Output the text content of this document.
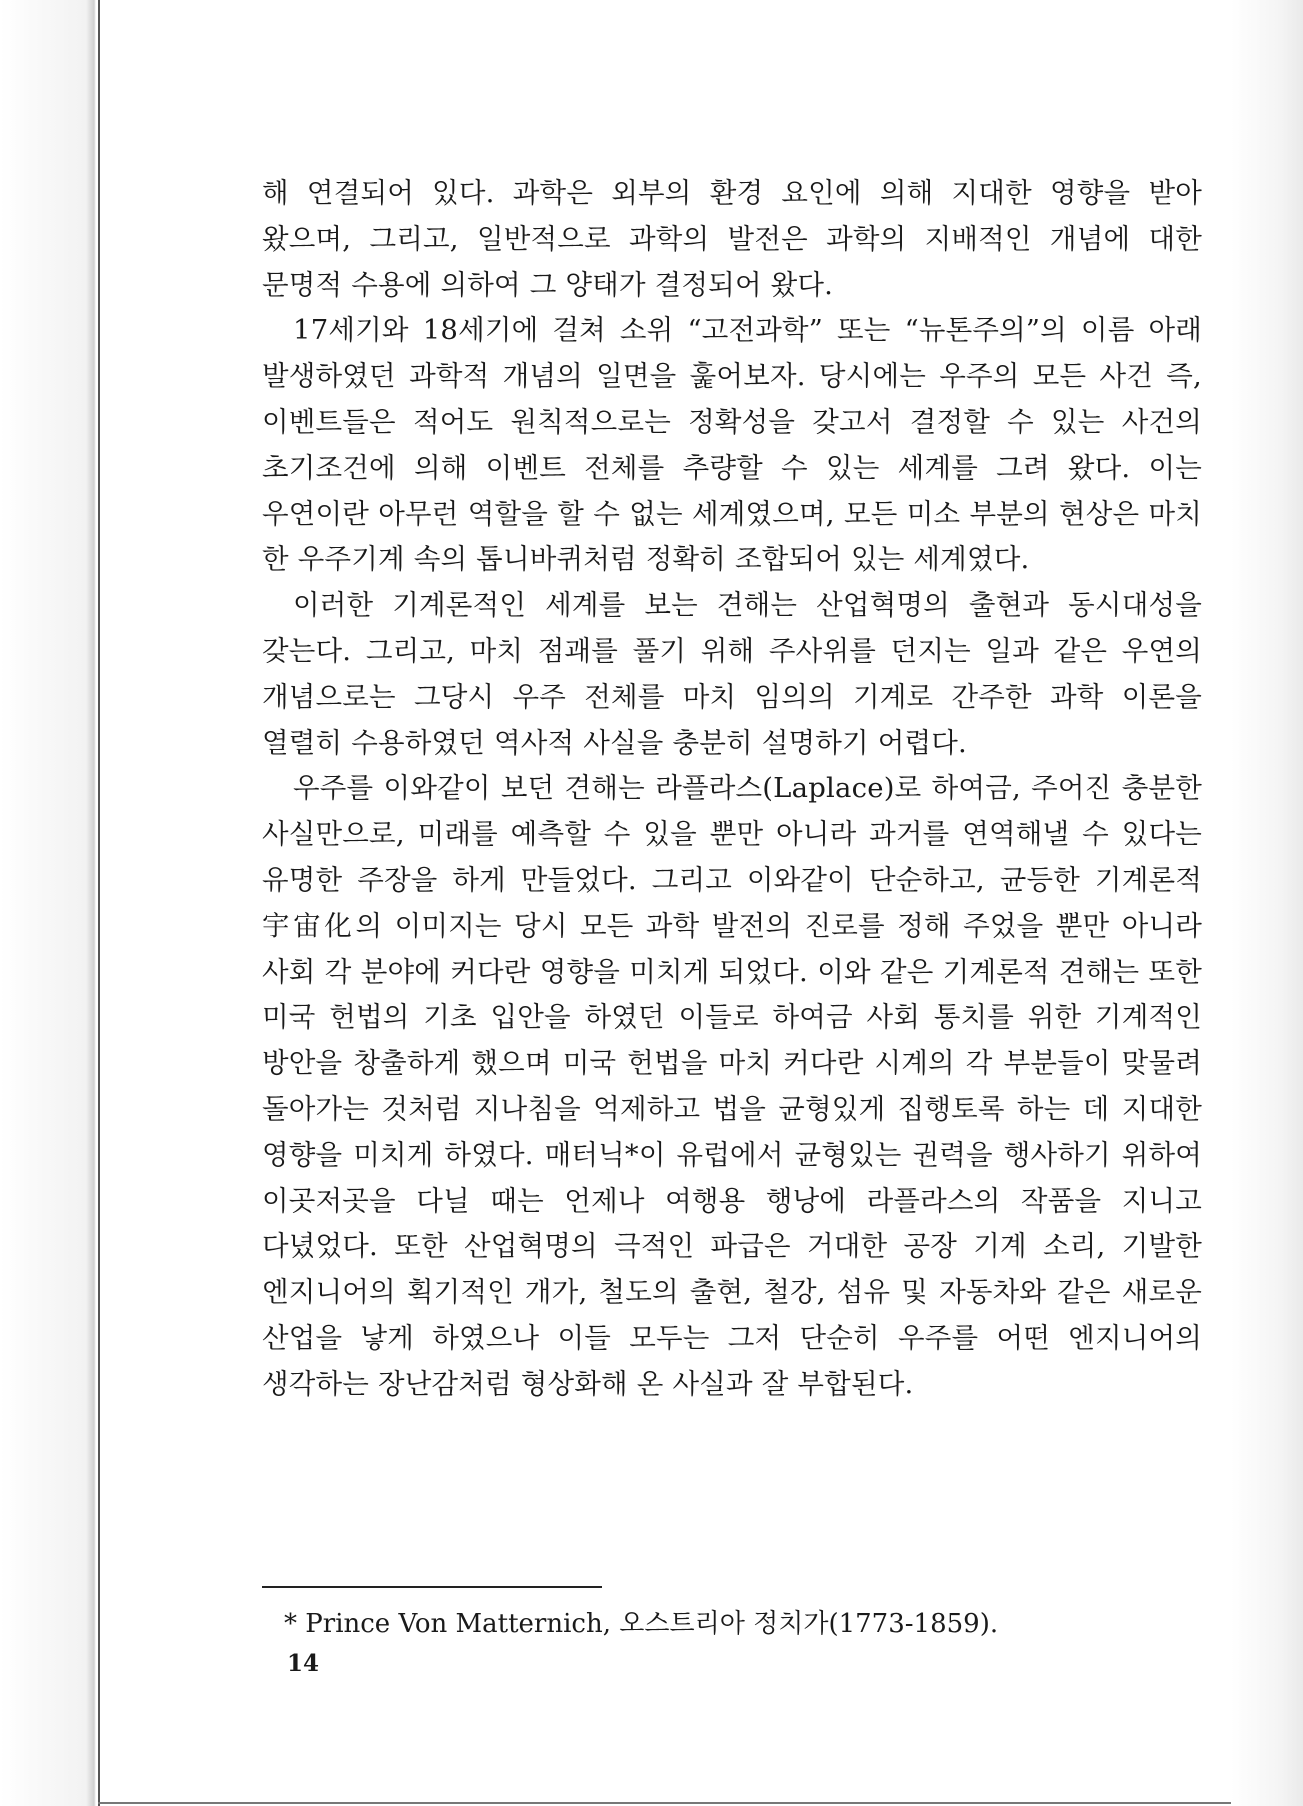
해 연결되어 있다. 과학은 외부의 환경 요인에 의해 지대한 영향을 받아 왔으며, 그리고, 일반적으로 과학의 발전은 과학의 지배적인 개념에 대한 문명적 수용에 의하여 그 양태가 결정되어 왔다.

17세기와 18세기에 걸쳐 소위 “고전과학” 또는 “뉴톤주의”의 이름 아래 발생하였던 과학적 개념의 일면을 훑어보자. 당시에는 우주의 모든 사건 즉, 이벤트들은 적어도 원칙적으로는 정확성을 갖고서 결정할 수 있는 사건의 초기조건에 의해 이벤트 전체를 추량할 수 있는 세계를 그려 왔다. 이는 우연이란 아무런 역할을 할 수 없는 세계였으며, 모든 미소 부분의 현상은 마치 한 우주기계 속의 톱니바퀴처럼 정확히 조합되어 있는 세계였다.

이러한 기계론적인 세계를 보는 견해는 산업혁명의 출현과 동시대성을 갖는다. 그리고, 마치 점괘를 풀기 위해 주사위를 던지는 일과 같은 우연의 개념으로는 그당시 우주 전체를 마치 임의의 기계로 간주한 과학 이론을 열렬히 수용하였던 역사적 사실을 충분히 설명하기 어렵다.

우주를 이와같이 보던 견해는 라플라스(Laplace)로 하여금, 주어진 충분한 사실만으로, 미래를 예측할 수 있을 뿐만 아니라 과거를 연역해낼 수 있다는 유명한 주장을 하게 만들었다. 그리고 이와같이 단순하고, 균등한 기계론적 宇宙化의 이미지는 당시 모든 과학 발전의 진로를 정해 주었을 뿐만 아니라 사회 각 분야에 커다란 영향을 미치게 되었다. 이와 같은 기계론적 견해는 또한 미국 헌법의 기초 입안을 하였던 이들로 하여금 사회 통치를 위한 기계적인 방안을 창출하게 했으며 미국 헌법을 마치 커다란 시계의 각 부분들이 맞물려 돌아가는 것처럼 지나침을 억제하고 법을 균형있게 집행토록 하는 데 지대한 영향을 미치게 하였다. 매터닉*이 유럽에서 균형있는 권력을 행사하기 위하여 이곳저곳을 다닐 때는 언제나 여행용 행낭에 라플라스의 작품을 지니고 다녔었다. 또한 산업혁명의 극적인 파급은 거대한 공장 기계 소리, 기발한 엔지니어의 획기적인 개가, 철도의 출현, 철강, 섬유 및 자동차와 같은 새로운 산업을 낳게 하였으나 이들 모두는 그저 단순히 우주를 어떤 엔지니어의 생각하는 장난감처럼 형상화해 온 사실과 잘 부합된다.

* Prince Von Matternich, 오스트리아 정치가(1773-1859).
14
